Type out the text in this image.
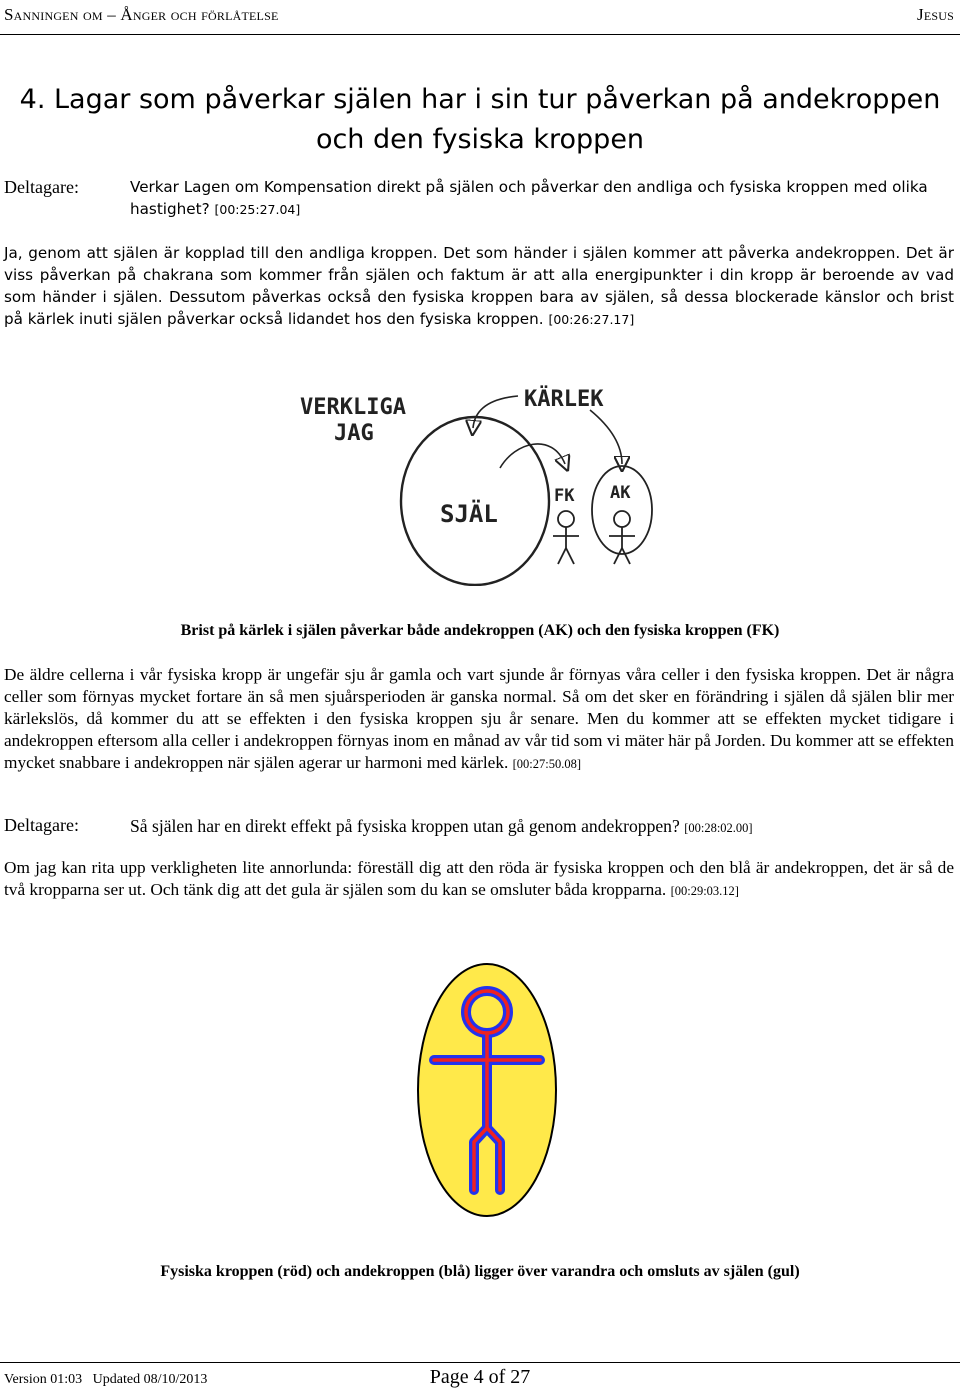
Sanningen om – Ånger och förlåtelse	Jesus
4. Lagar som påverkar själen har i sin tur påverkan på andekroppen och den fysiska kroppen
Deltagare:	Verkar Lagen om Kompensation direkt på själen och påverkar den andliga och fysiska kroppen med olika hastighet? [00:25:27.04]
Ja, genom att själen är kopplad till den andliga kroppen. Det som händer i själen kommer att påverka andekroppen. Det är
viss påverkan på chakrana som kommer från själen och faktum är att alla energipunkter i din kropp är beroende av vad
som händer i själen. Dessutom påverkas också den fysiska kroppen bara av själen, så dessa blockerade känslor och brist
på kärlek inuti själen påverkar också lidandet hos den fysiska kroppen. [00:26:27.17]
VERKLIGA
JAG
KÄRLEK
SJÄL
FK AK
Brist på kärlek i själen påverkar både andekroppen (AK) och den fysiska kroppen (FK)
De äldre cellerna i vår fysiska kropp är ungefär sju år gamla och vart sjunde år förnyas våra celler i den fysiska kroppen. Det är några celler som förnyas mycket fortare än så men sjuårsperioden är ganska normal. Så om det sker en förändring i själen då själen blir mer kärlekslös, då kommer du att se effekten i den fysiska kroppen sju år senare. Men du kommer att se effekten mycket tidigare i andekroppen eftersom alla celler i andekroppen förnyas inom en månad av vår tid som vi mäter här på Jorden. Du kommer att se effekten mycket snabbare i andekroppen när själen agerar ur harmoni med kärlek. [00:27:50.08]
Deltagare:	Så själen har en direkt effekt på fysiska kroppen utan gå genom andekroppen? [00:28:02.00]
Om jag kan rita upp verkligheten lite annorlunda: föreställ dig att den röda är fysiska kroppen och den blå är andekroppen, det är så de två kropparna ser ut. Och tänk dig att det gula är själen som du kan se omsluter båda kropparna. [00:29:03.12]
Fysiska kroppen (röd) och andekroppen (blå) ligger över varandra och omsluts av själen (gul)
Version 01:03 Updated 08/10/2013	Page 4 of 27
